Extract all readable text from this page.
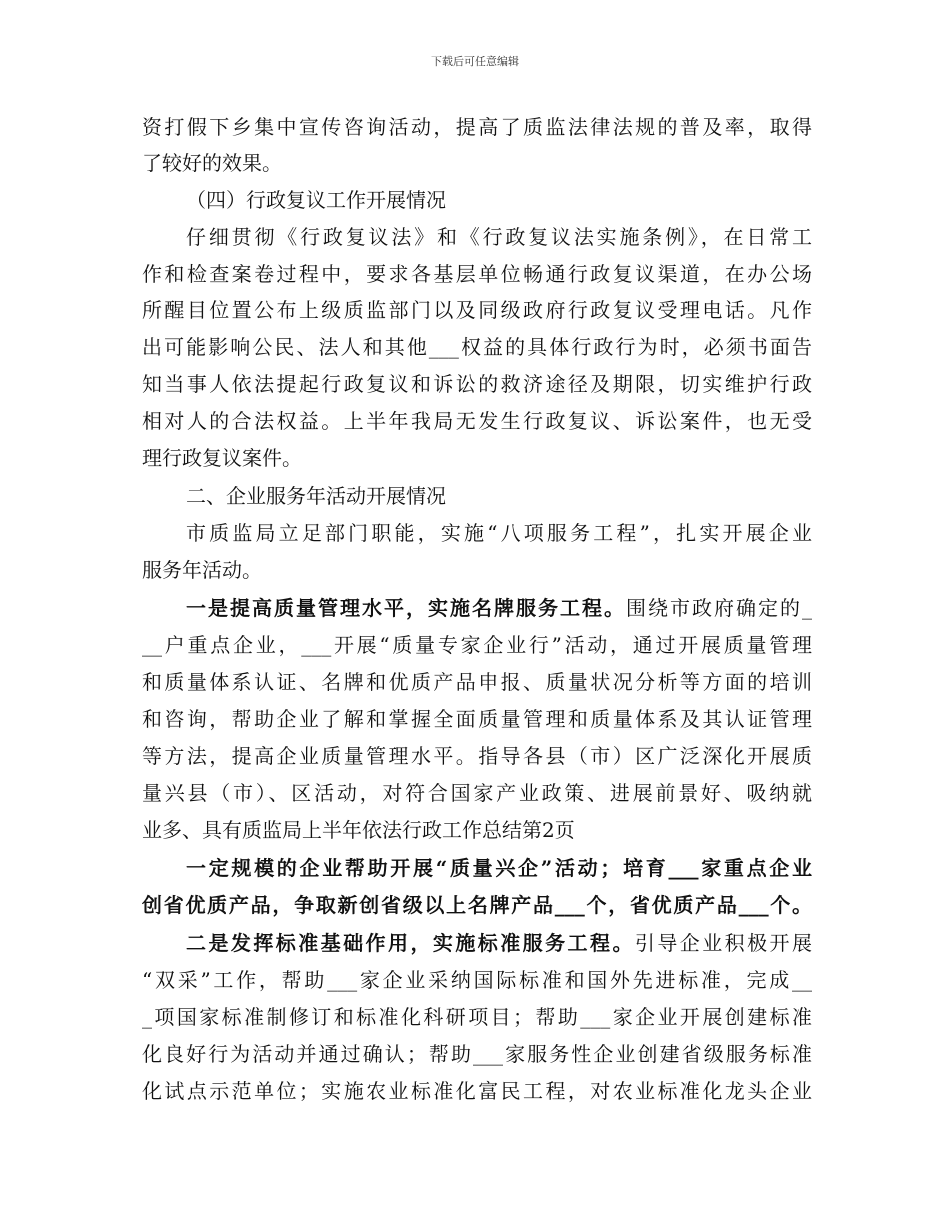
下载后可任意编辑
资打假下乡集中宣传咨询活动，提高了质监法律法规的普及率，取得
了较好的效果。
（四）行政复议工作开展情况
仔细贯彻《行政复议法》和《行政复议法实施条例》，在日常工
作和检查案卷过程中，要求各基层单位畅通行政复议渠道，在办公场
所醒目位置公布上级质监部门以及同级政府行政复议受理电话。凡作
出可能影响公民、法人和其他___权益的具体行政行为时，必须书面告
知当事人依法提起行政复议和诉讼的救济途径及期限，切实维护行政
相对人的合法权益。上半年我局无发生行政复议、诉讼案件，也无受
理行政复议案件。
二、企业服务年活动开展情况
市质监局立足部门职能，实施“八项服务工程”，扎实开展企业
服务年活动。
一是提高质量管理水平，实施名牌服务工程。围绕市政府确定的_
__户重点企业，___开展“质量专家企业行”活动，通过开展质量管理
和质量体系认证、名牌和优质产品申报、质量状况分析等方面的培训
和咨询，帮助企业了解和掌握全面质量管理和质量体系及其认证管理
等方法，提高企业质量管理水平。指导各县（市）区广泛深化开展质
量兴县（市）、区活动，对符合国家产业政策、进展前景好、吸纳就
业多、具有质监局上半年依法行政工作总结第2页
一定规模的企业帮助开展“质量兴企”活动；培育___家重点企业
创省优质产品，争取新创省级以上名牌产品___个，省优质产品___个。
二是发挥标准基础作用，实施标准服务工程。引导企业积极开展
“双采”工作，帮助___家企业采纳国际标准和国外先进标准，完成__
_项国家标准制修订和标准化科研项目；帮助___家企业开展创建标准
化良好行为活动并通过确认；帮助___家服务性企业创建省级服务标准
化试点示范单位；实施农业标准化富民工程，对农业标准化龙头企业
